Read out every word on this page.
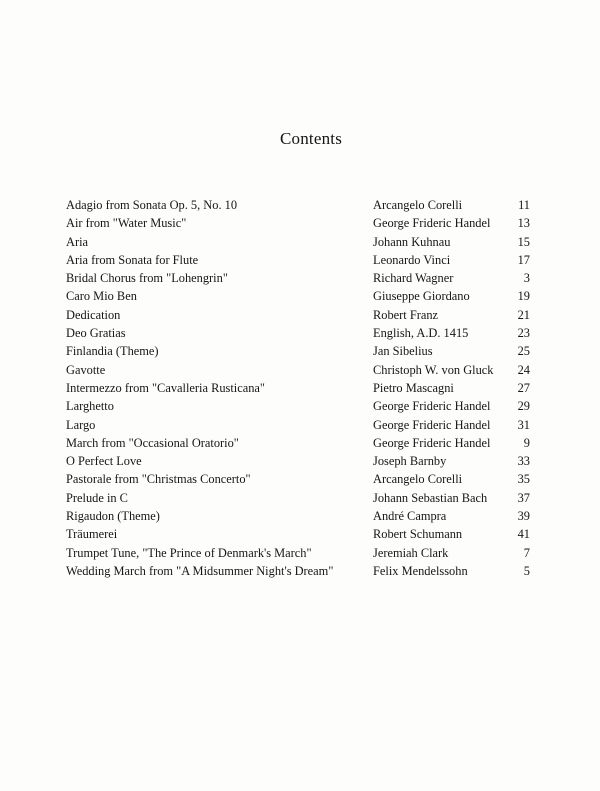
Contents
Adagio from Sonata Op. 5, No. 10	Arcangelo Corelli	11
Air from "Water Music"	George Frideric Handel 13
Aria	Johann Kuhnau	15
Aria from Sonata for Flute	Leonardo Vinci	17
Bridal Chorus from "Lohengrin"	Richard Wagner	3
Caro Mio Ben	Giuseppe Giordano	19
Dedication	Robert Franz	21
Deo Gratias	English, A.D. 1415	23
Finlandia (Theme)	Jan Sibelius	25
Gavotte	Christoph W. von Gluck 24
Intermezzo from "Cavalleria Rusticana"	Pietro Mascagni	27
Larghetto	George Frideric Handel 29
Largo	George Frideric Handel 31
March from "Occasional Oratorio"	George Frideric Handel	9
O Perfect Love	Joseph Barnby	33
Pastorale from "Christmas Concerto"	Arcangelo Corelli	35
Prelude in C	Johann Sebastian Bach 37
Rigaudon (Theme)	André Campra	39
Träumerei	Robert Schumann	41
Trumpet Tune, "The Prince of Denmark's March"	Jeremiah Clark	7
Wedding March from "A Midsummer Night's Dream"	Felix Mendelssohn	5
